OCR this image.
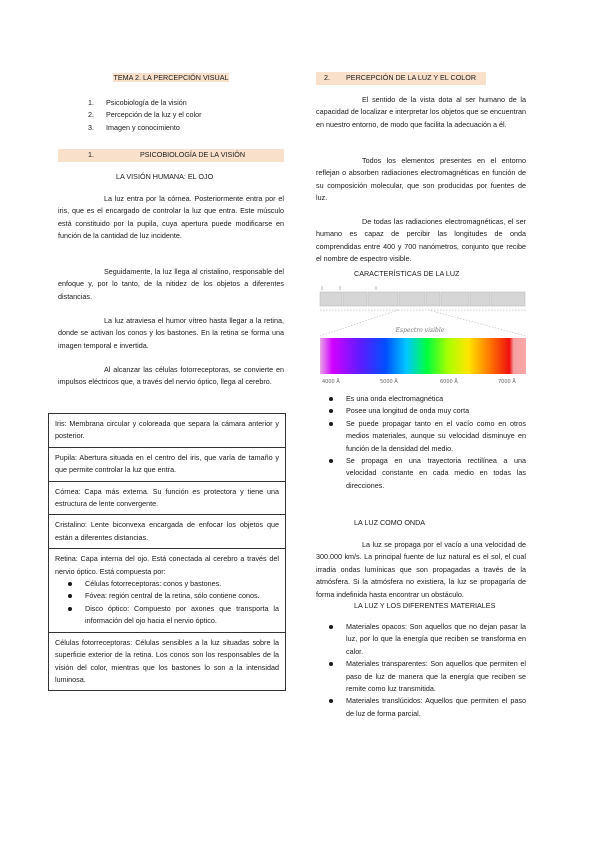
TEMA 2. LA PERCEPCIÓN VISUAL
1. Psicobiología de la visión
2. Percepción de la luz y el color
3. Imagen y conocimiento
1.	PSICOBIOLOGÍA DE LA VISIÓN
LA VISIÓN HUMANA: EL OJO

La luz entra por la córnea. Posteriormente entra por el iris, que es el encargado de controlar la luz que entra. Este músculo está constituido por la pupila, cuya apertura puede modificarse en función de la cantidad de luz incidente.

Seguidamente, la luz llega al cristalino, responsable del enfoque y, por lo tanto, de la nitidez de los objetos a diferentes distancias.

La luz atraviesa el humor vítreo hasta llegar a la retina, donde se activan los conos y los bastones. En la retina se forma una imagen temporal e invertida.

Al alcanzar las células fotorreceptoras, se convierte en impulsos eléctricos que, a través del nervio óptico, llega al cerebro.

Iris: Membrana circular y coloreada que separa la cámara anterior y posterior.

Pupila: Abertura situada en el centro del iris, que varía de tamaño y que permite controlar la luz que entra.

Córnea: Capa más externa. Su función es protectora y tiene una estructura de lente convergente.

Cristalino: Lente biconvexa encargada de enfocar los objetos que están a diferentes distancias.

Retina: Capa interna del ojo. Está conectada al cerebro a través del nervio óptico. Está compuesta por:

Células fotorreceptoras: conos y bastones.
Fóvea: región central de la retina, sólo contiene conos.
Disco óptico: Compuesto por axones que transporta la información del ojo hacia el nervio óptico.

Células fotorreceptoras: Células sensibles a la luz situadas sobre la superficie exterior de la retina. Los conos son los responsables de la visión del color, mientras que los bastones lo son a la intensidad luminosa.

2. PERCEPCIÓN DE LA LUZ Y EL COLOR

El sentido de la vista dota al ser humano de la capacidad de localizar e interpretar los objetos que se encuentran en nuestro entorno, de modo que facilita la adecuación a él.

Todos los elementos presentes en el entorno reflejan o absorben radiaciones electromagnéticas en función de su composición molecular, que son producidas por fuentes de luz.

De todas las radiaciones electromagnéticas, el ser humano es capaz de percibir las longitudes de onda comprendidas entre 400 y 700 nanómetros, conjunto que recibe el nombre de espectro visible.

CARACTERÍSTICAS DE LA LUZ
Espectro visible
4000 Å	5000 Å	6000 Å	7000 Å
Es una onda electromagnética
Posee una longitud de onda muy corta
Se puede propagar tanto en el vacío como en otros medios materiales, aunque su velocidad disminuye en función de la densidad del medio.
Se propaga en una trayectoria rectilínea a una velocidad constante en cada medio en todas las direcciones.
LA LUZ COMO ONDA

La luz se propaga por el vacío a una velocidad de 300.000 km/s. La principal fuente de luz natural es el sol, el cual irradia ondas lumínicas que son propagadas a través de la atmósfera. Si la atmósfera no existiera, la luz se propagaría de forma indefinida hasta encontrar un obstáculo.

LA LUZ Y LOS DIFERENTES MATERIALES
Materiales opacos: Son aquellos que no dejan pasar la luz, por lo que la energía que reciben se transforma en calor.
Materiales transparentes: Son aquellos que permiten el paso de luz de manera que la energía que reciben se remite como luz transmitida.
Materiales translúcidos: Aquellos que permiten el paso de luz de forma parcial.
